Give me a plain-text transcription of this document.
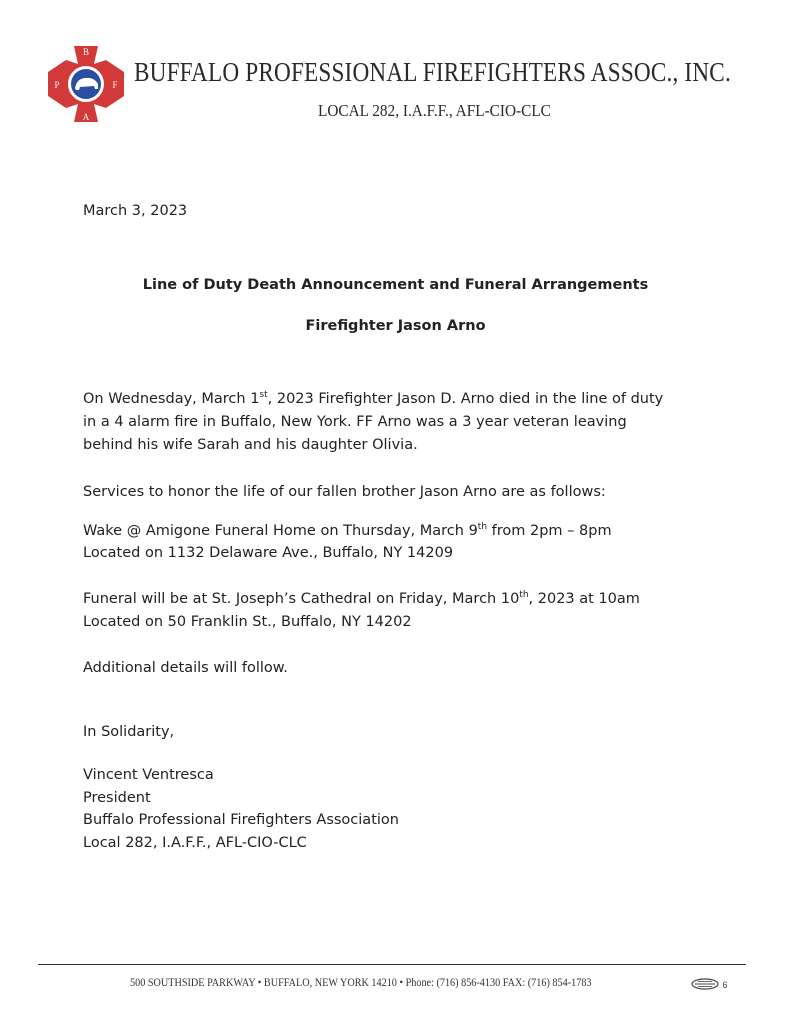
B
P	F
A
BUFFALO PROFESSIONAL FIREFIGHTERS ASSOC., INC.
LOCAL 282, I.A.F.F., AFL-CIO-CLC
March 3, 2023
Line of Duty Death Announcement and Funeral Arrangements
Firefighter Jason Arno
On Wednesday, March 1st, 2023 Firefighter Jason D. Arno died in the line of duty
in a 4 alarm fire in Buffalo, New York. FF Arno was a 3 year veteran leaving
behind his wife Sarah and his daughter Olivia.
Services to honor the life of our fallen brother Jason Arno are as follows:
Wake @ Amigone Funeral Home on Thursday, March 9th from 2pm – 8pm
Located on 1132 Delaware Ave., Buffalo, NY 14209
Funeral will be at St. Joseph’s Cathedral on Friday, March 10th, 2023 at 10am
Located on 50 Franklin St., Buffalo, NY 14202
Additional details will follow.
In Solidarity,
Vincent Ventresca
President
Buffalo Professional Firefighters Association
Local 282, I.A.F.F., AFL-CIO-CLC
500 SOUTHSIDE PARKWAY • BUFFALO, NEW YORK 14210 • Phone: (716) 856-4130 FAX: (716) 854-1783	6
